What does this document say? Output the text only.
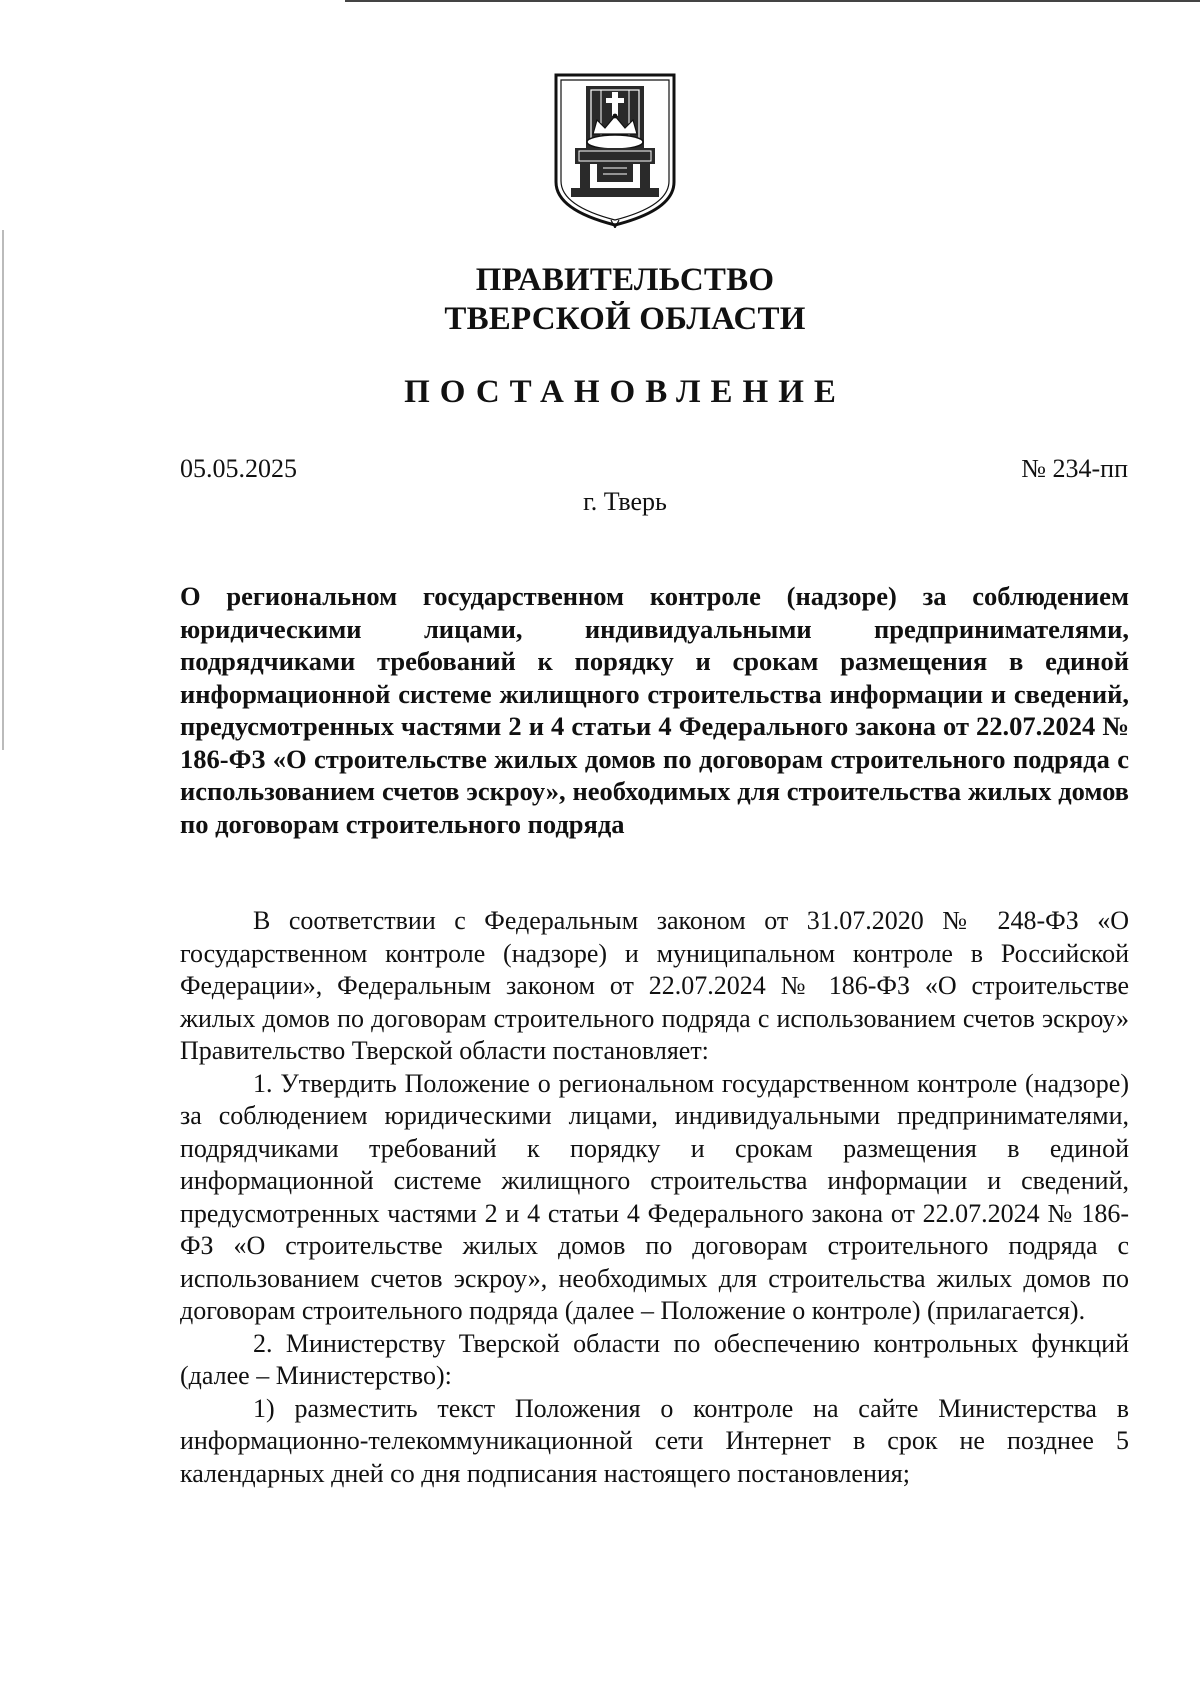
ПРАВИТЕЛЬСТВО
ТВЕРСКОЙ ОБЛАСТИ
ПОСТАНОВЛЕНИЕ

05.05.2025	№ 234-пп

г. Тверь

О региональном государственном контроле (надзоре) за соблюдением юридическими лицами, индивидуальными предпринимателями, подрядчиками требований к порядку и срокам размещения в единой информационной системе жилищного строительства информации и сведений, предусмотренных частями 2 и 4 статьи 4 Федерального закона от 22.07.2024 № 186-ФЗ «О строительстве жилых домов по договорам строительного подряда с использованием счетов эскроу», необходимых для строительства жилых домов по договорам строительного подряда

В соответствии с Федеральным законом от 31.07.2020 № 248-ФЗ «О государственном контроле (надзоре) и муниципальном контроле в Российской Федерации», Федеральным законом от 22.07.2024 № 186-ФЗ «О строительстве жилых домов по договорам строительного подряда с использованием счетов эскроу» Правительство Тверской области постановляет:

1. Утвердить Положение о региональном государственном контроле (надзоре) за соблюдением юридическими лицами, индивидуальными предпринимателями, подрядчиками требований к порядку и срокам размещения в единой информационной системе жилищного строительства информации и сведений, предусмотренных частями 2 и 4 статьи 4 Федерального закона от 22.07.2024 № 186-ФЗ «О строительстве жилых домов по договорам строительного подряда с использованием счетов эскроу», необходимых для строительства жилых домов по договорам строительного подряда (далее – Положение о контроле) (прилагается).

2. Министерству Тверской области по обеспечению контрольных функций (далее – Министерство):

1) разместить текст Положения о контроле на сайте Министерства в информационно-телекоммуникационной сети Интернет в срок не позднее 5 календарных дней со дня подписания настоящего постановления;
